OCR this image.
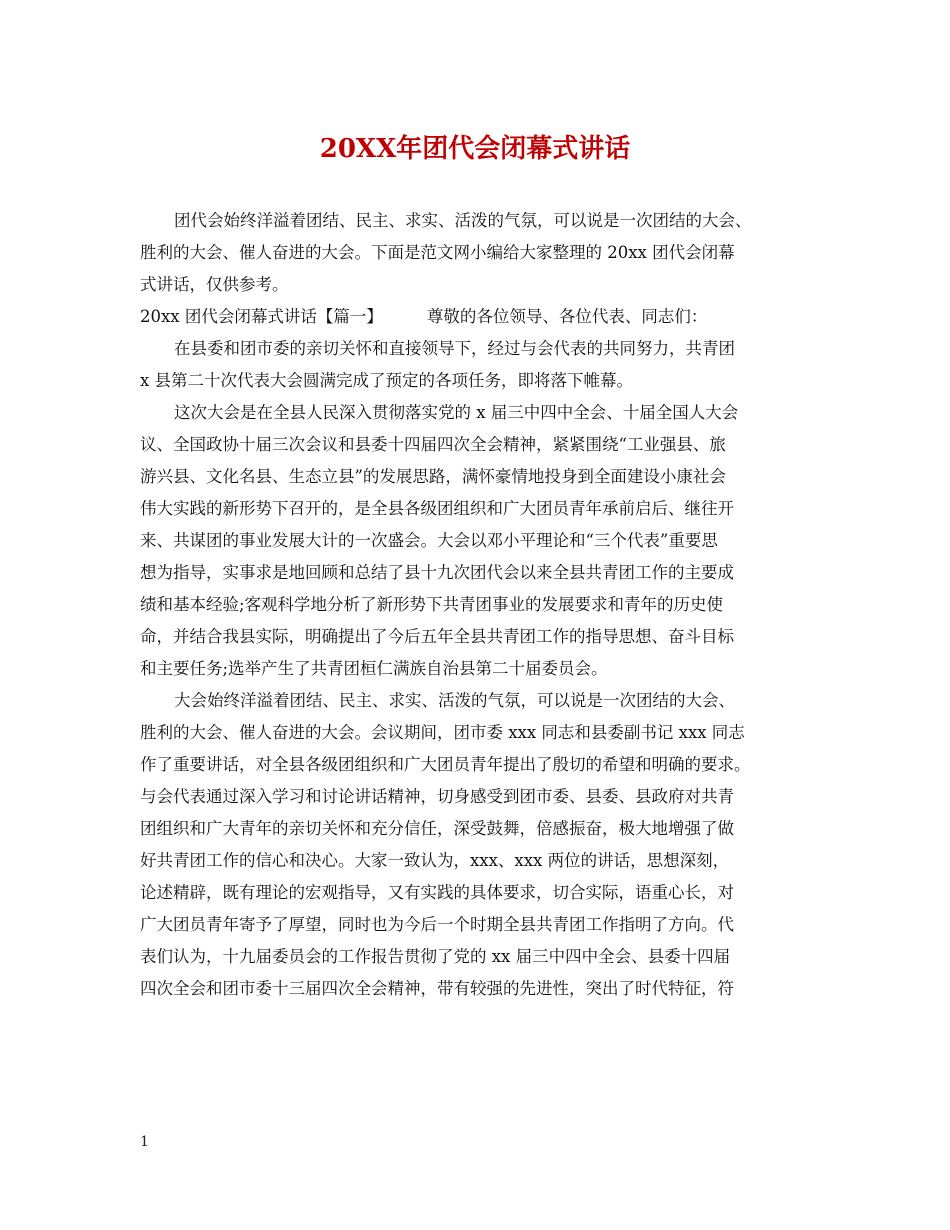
20XX年团代会闭幕式讲话
团代会始终洋溢着团结、民主、求实、活泼的气氛，可以说是一次团结的大会、
胜利的大会、催人奋进的大会。下面是范文网小编给大家整理的 20xx 团代会闭幕
式讲话，仅供参考。
20xx 团代会闭幕式讲话【篇一】	尊敬的各位领导、各位代表、同志们：
在县委和团市委的亲切关怀和直接领导下，经过与会代表的共同努力，共青团
x 县第二十次代表大会圆满完成了预定的各项任务，即将落下帷幕。
这次大会是在全县人民深入贯彻落实党的 x 届三中四中全会、十届全国人大会
议、全国政协十届三次会议和县委十四届四次全会精神，紧紧围绕“工业强县、旅
游兴县、文化名县、生态立县”的发展思路，满怀豪情地投身到全面建设小康社会
伟大实践的新形势下召开的，是全县各级团组织和广大团员青年承前启后、继往开
来、共谋团的事业发展大计的一次盛会。大会以邓小平理论和“三个代表”重要思
想为指导，实事求是地回顾和总结了县十九次团代会以来全县共青团工作的主要成
绩和基本经验;客观科学地分析了新形势下共青团事业的发展要求和青年的历史使
命，并结合我县实际，明确提出了今后五年全县共青团工作的指导思想、奋斗目标
和主要任务;选举产生了共青团桓仁满族自治县第二十届委员会。
大会始终洋溢着团结、民主、求实、活泼的气氛，可以说是一次团结的大会、
胜利的大会、催人奋进的大会。会议期间，团市委 xxx 同志和县委副书记 xxx 同志
作了重要讲话，对全县各级团组织和广大团员青年提出了殷切的希望和明确的要求。
与会代表通过深入学习和讨论讲话精神，切身感受到团市委、县委、县政府对共青
团组织和广大青年的亲切关怀和充分信任，深受鼓舞，倍感振奋，极大地增强了做
好共青团工作的信心和决心。大家一致认为，xxx、xxx 两位的讲话，思想深刻，
论述精辟，既有理论的宏观指导，又有实践的具体要求，切合实际，语重心长，对
广大团员青年寄予了厚望，同时也为今后一个时期全县共青团工作指明了方向。代
表们认为，十九届委员会的工作报告贯彻了党的 xx 届三中四中全会、县委十四届
四次全会和团市委十三届四次全会精神，带有较强的先进性，突出了时代特征，符
1
